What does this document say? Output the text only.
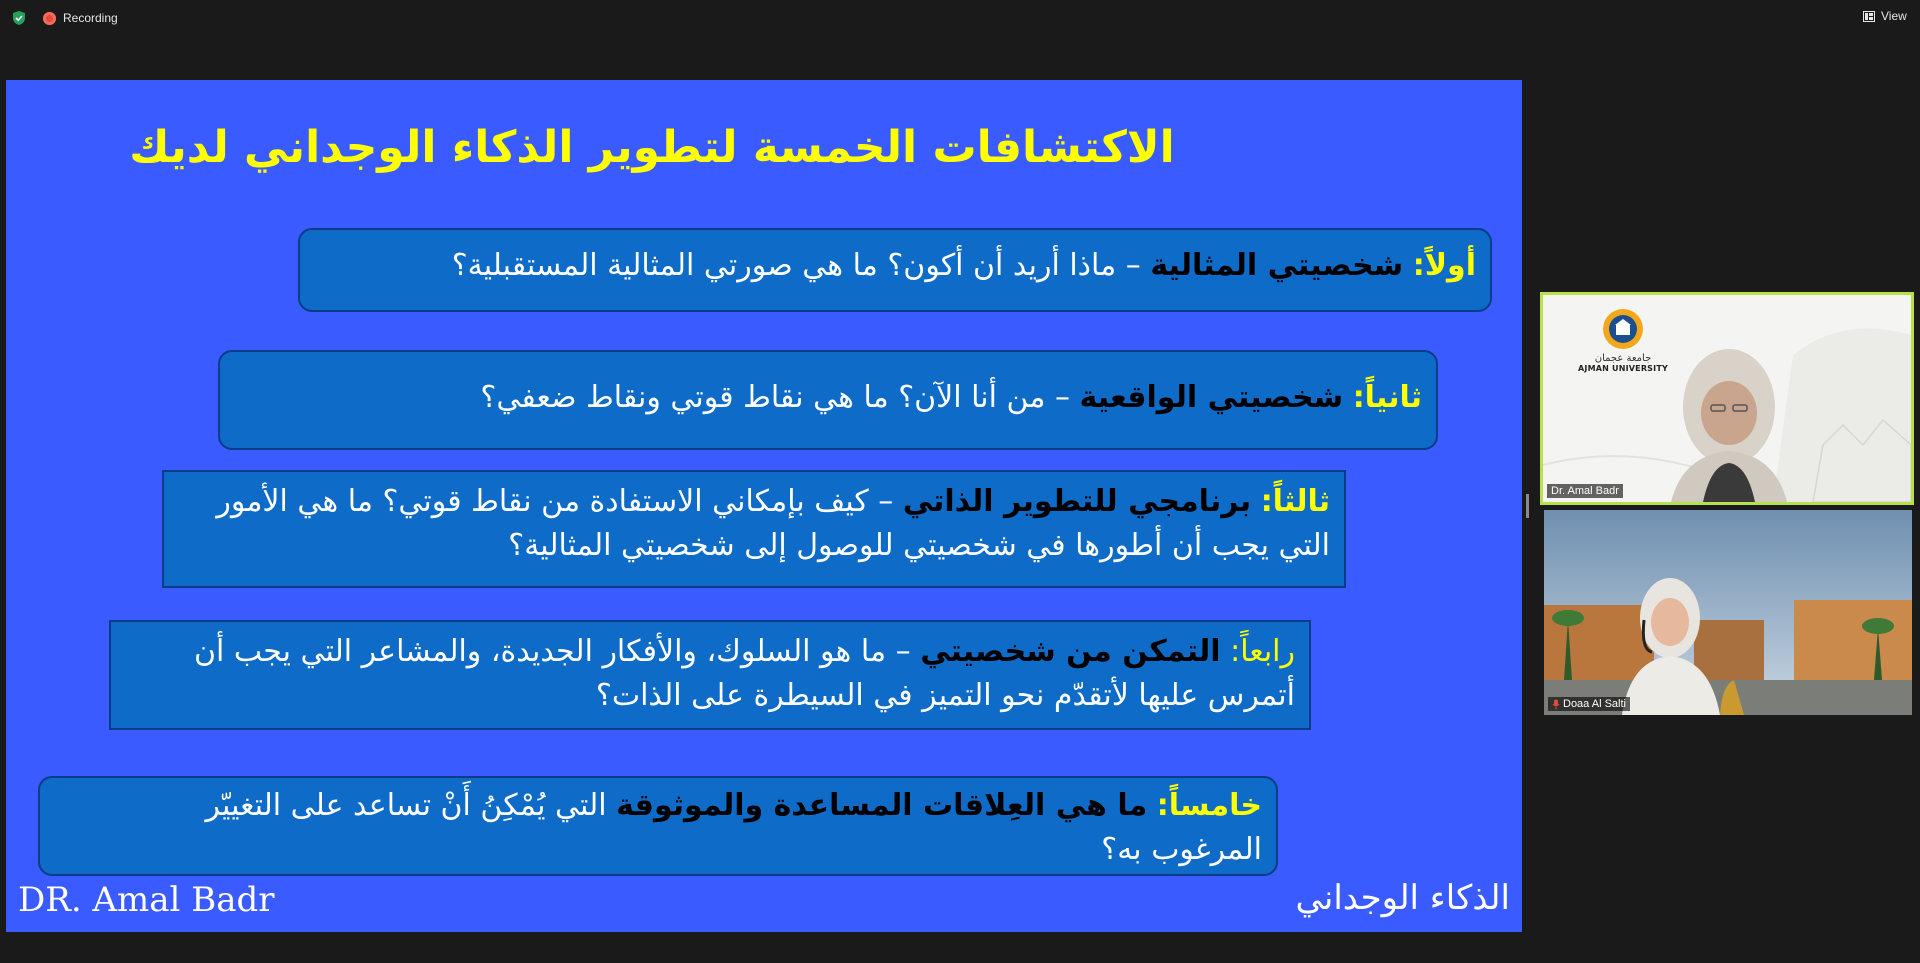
Recording	View
الاكتشافات الخمسة لتطوير الذكاء الوجداني لديك
أولاً: شخصيتي المثالية – ماذا أريد أن أكون؟ ما هي صورتي المثالية المستقبلية؟
ثانياً: شخصيتي الواقعية – من أنا الآن؟ ما هي نقاط قوتي ونقاط ضعفي؟
ثالثاً: برنامجي للتطوير الذاتي – كيف بإمكاني الاستفادة من نقاط قوتي؟ ما هي الأمور التي يجب أن أطورها في شخصيتي للوصول إلى شخصيتي المثالية؟
رابعاً: التمكن من شخصيتي – ما هو السلوك، والأفكار الجديدة، والمشاعر التي يجب أن أتمرس عليها لأتقدّم نحو التميز في السيطرة على الذات؟
خامساً: ما هي العِلاقات المساعدة والموثوقة التي يُمْكِنُ أَنْ تساعد على التغييّر المرغوب به؟
DR. Amal Badr	الذكاء الوجداني
جامعة عجمان
AJMAN UNIVERSITY
Dr. Amal Badr
Doaa Al Salti
